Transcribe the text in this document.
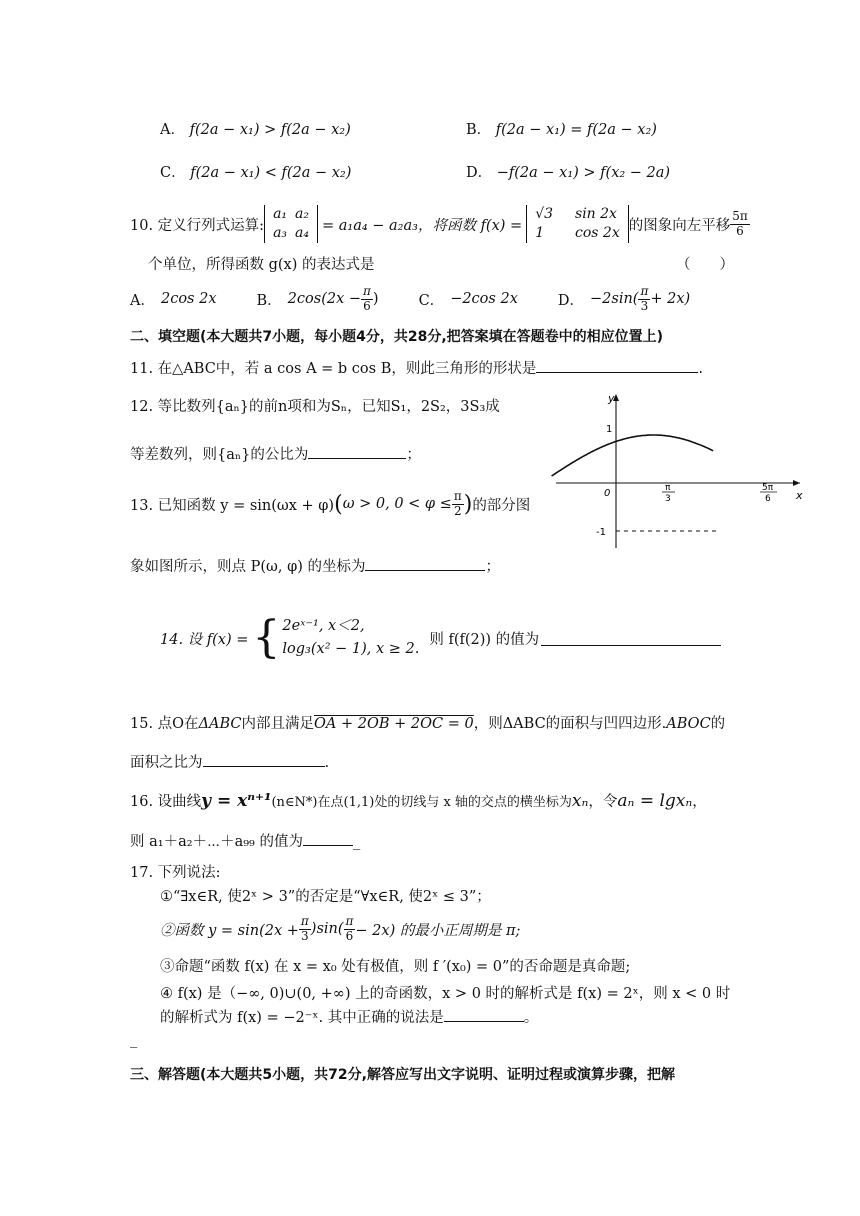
A． f(2a − x₁) > f(2a − x₂)	B． f(2a − x₁) = f(2a − x₂)
C． f(2a − x₁) < f(2a − x₂)	D． −f(2a − x₁) > f(x₂ − 2a)
10. 定义行列式运算:
a₁	a₂
a₃	a₄ = a₁a₄ − a₂a₃，将函数 f(x) =
√3	sin 2x
1	cos 2x 的图象向左平移 $\frac{5\pi}{6}$
个单位，所得函数 g(x) 的表达式是	（　　）
A． 2cos 2x	B． $2\cos(2x - \frac{\pi}{6}$ )	C． −2cos 2x	D． $-2\sin( \frac{\pi}{3} + 2x)$
二、填空题(本大题共7小题，每小题4分，共28分,把答案填在答题卷中的相应位置上)
11. 在△ABC中，若 a cos A = b cos B，则此三角形的形状是	.
12. 等比数列{aₙ}的前n项和为Sₙ，已知S₁，2S₂，3S₃成
等差数列，则{aₙ}的公比为	；
13. 已知函数 y = sin(ωx + φ) ( ω > 0, $0 < \varphi \le \frac{\pi}{2}$ ) 的部分图
象如图所示，则点 P(ω, φ) 的坐标为	；
y
x
0
1
-1
π
3
5π
6
14. 设 f(x) = { 2eˣ⁻¹, x＜2,
log₃(x² − 1), x ≥ 2.
则 f(f(2)) 的值为
15. 点O在ΔABC内部且满足OA + 2OB + 2OC = 0，则ΔABC的面积与凹四边形.ABOC的
面积之比为	.
16. 设曲线y = xⁿ⁺¹(n∈N*)在点(1,1)处的切线与 x 轴的交点的横坐标为xₙ，令aₙ = lgxₙ，
则 a₁＋a₂＋⋯＋a₉₉ 的值为	_
17. 下列说法:
①“∃x∈R, 使2ˣ > 3”的否定是“∀x∈R, 使2ˣ ≤ 3”；
②函数 $y = \sin(2x + \frac{\pi}{3} )\sin( \frac{\pi}{6} - 2x)$ 的最小正周期是 π;
③命题“函数 f(x) 在 x = x₀ 处有极值，则 f ′(x₀) = 0”的否命题是真命题;
④ f(x) 是（−∞, 0)∪(0, +∞) 上的奇函数，x > 0 时的解析式是 f(x) = 2ˣ，则 x < 0 时
的解析式为 f(x) = −2⁻ˣ. 其中正确的说法是	。
_
三、解答题(本大题共5小题，共72分,解答应写出文字说明、证明过程或演算步骤，把解
